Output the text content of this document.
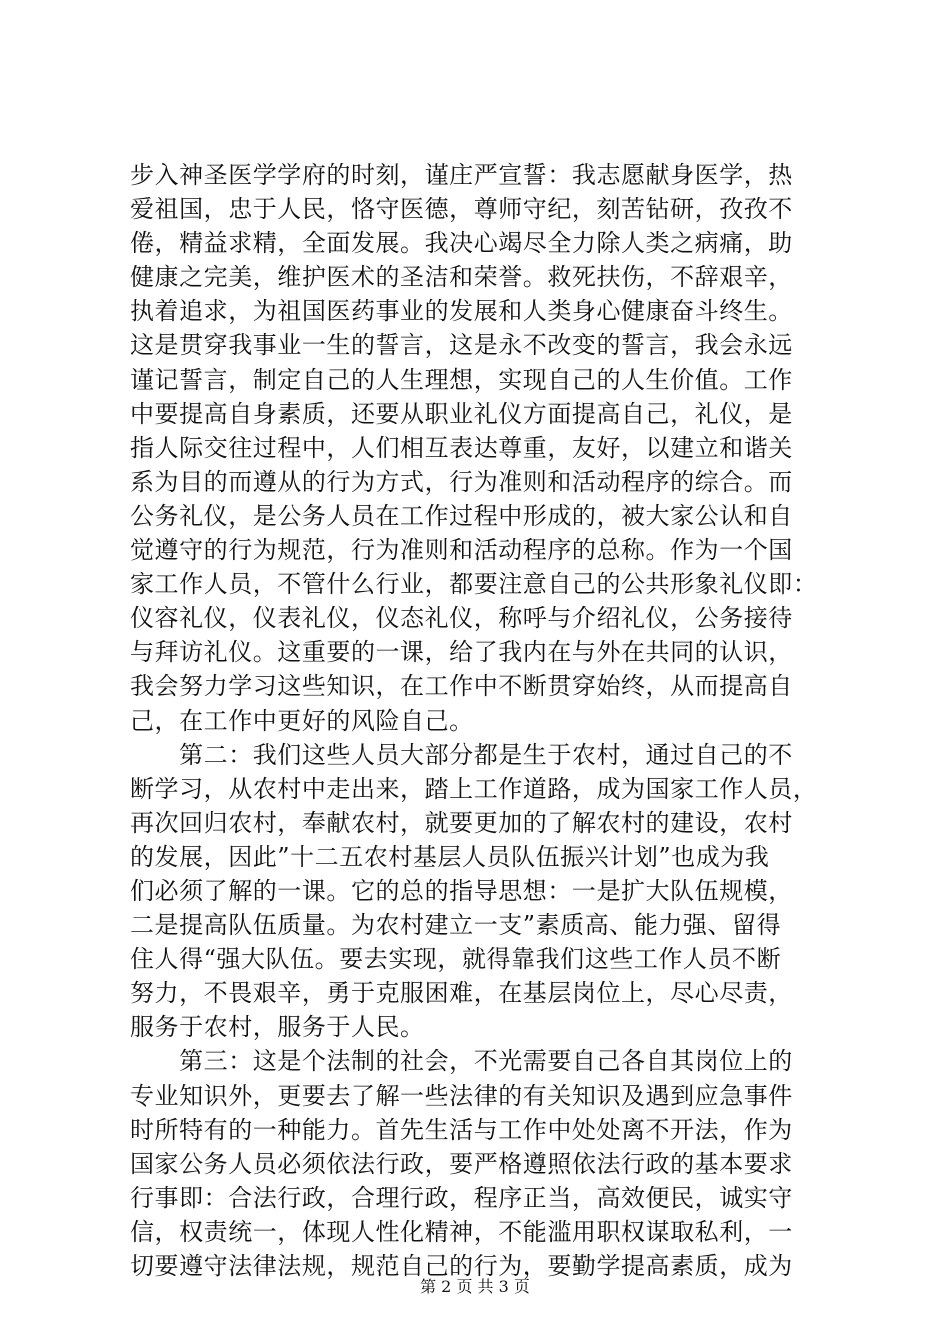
步入神圣医学学府的时刻，谨庄严宣誓：我志愿献身医学，热
爱祖国，忠于人民，恪守医德，尊师守纪，刻苦钻研，孜孜不
倦，精益求精，全面发展。我决心竭尽全力除人类之病痛，助
健康之完美，维护医术的圣洁和荣誉。救死扶伤，不辞艰辛，
执着追求，为祖国医药事业的发展和人类身心健康奋斗终生。
这是贯穿我事业一生的誓言，这是永不改变的誓言，我会永远
谨记誓言，制定自己的人生理想，实现自己的人生价值。工作
中要提高自身素质，还要从职业礼仪方面提高自己，礼仪，是
指人际交往过程中，人们相互表达尊重，友好，以建立和谐关
系为目的而遵从的行为方式，行为准则和活动程序的综合。而
公务礼仪，是公务人员在工作过程中形成的，被大家公认和自
觉遵守的行为规范，行为准则和活动程序的总称。作为一个国
家工作人员，不管什么行业，都要注意自己的公共形象礼仪即：
仪容礼仪，仪表礼仪，仪态礼仪，称呼与介绍礼仪，公务接待
与拜访礼仪。这重要的一课，给了我内在与外在共同的认识，
我会努力学习这些知识，在工作中不断贯穿始终，从而提高自
己，在工作中更好的风险自己。
　　第二：我们这些人员大部分都是生于农村，通过自己的不
断学习，从农村中走出来，踏上工作道路，成为国家工作人员，
再次回归农村，奉献农村，就要更加的了解农村的建设，农村
的发展，因此”十二五农村基层人员队伍振兴计划”也成为我
们必须了解的一课。它的总的指导思想：一是扩大队伍规模，
二是提高队伍质量。为农村建立一支”素质高、能力强、留得
住人得“强大队伍。要去实现，就得靠我们这些工作人员不断
努力，不畏艰辛，勇于克服困难，在基层岗位上，尽心尽责，
服务于农村，服务于人民。
　　第三：这是个法制的社会，不光需要自己各自其岗位上的
专业知识外，更要去了解一些法律的有关知识及遇到应急事件
时所特有的一种能力。首先生活与工作中处处离不开法，作为
国家公务人员必须依法行政，要严格遵照依法行政的基本要求
行事即：合法行政，合理行政，程序正当，高效便民，诚实守
信，权责统一，体现人性化精神，不能滥用职权谋取私利，一
切要遵守法律法规，规范自己的行为，要勤学提高素质，成为
第 2 页 共 3 页
